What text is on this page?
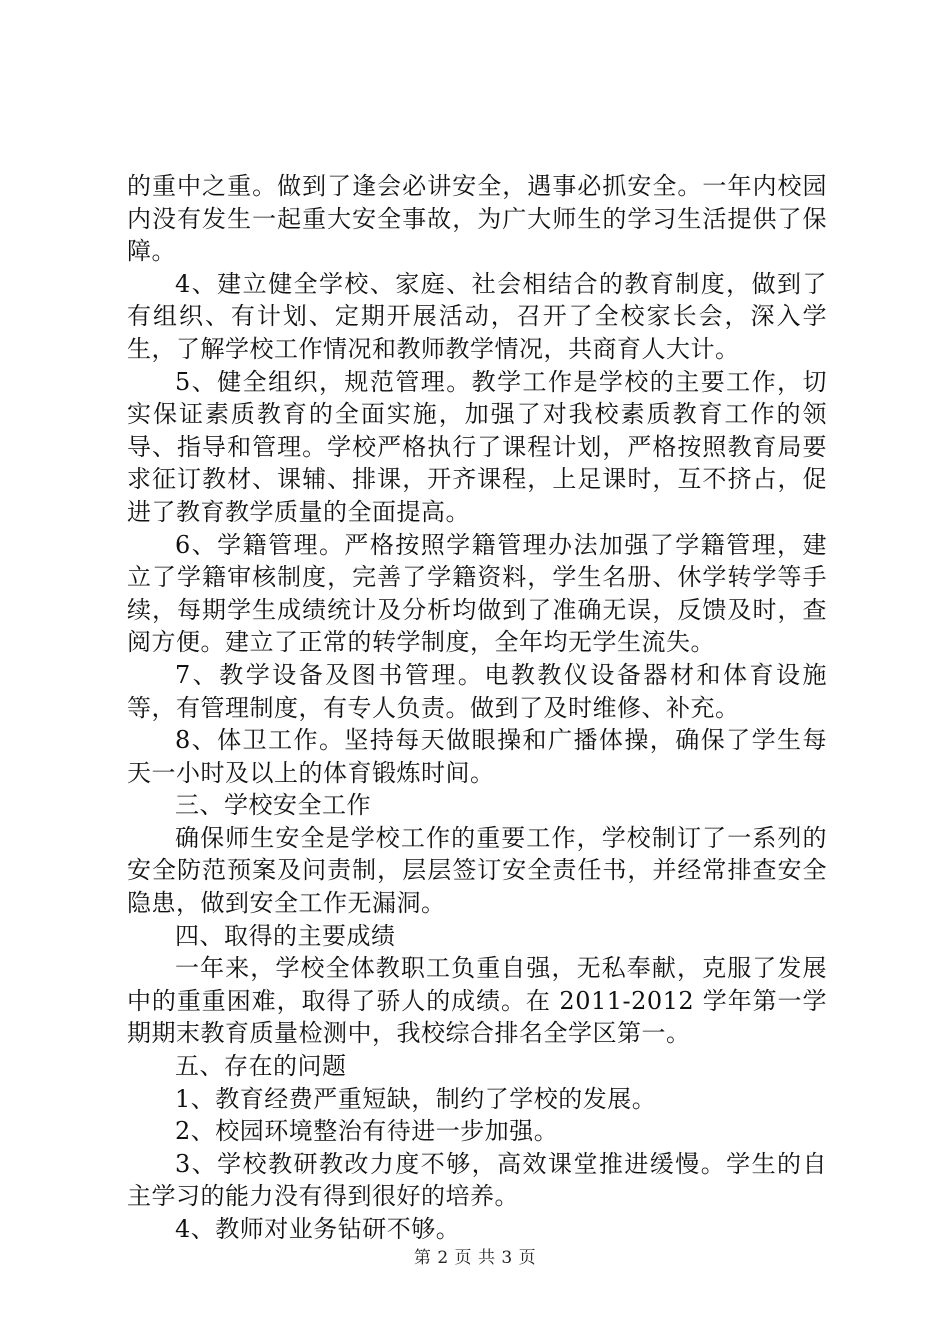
的重中之重。做到了逢会必讲安全，遇事必抓安全。一年内校园内没有发生一起重大安全事故，为广大师生的学习生活提供了保障。

4、建立健全学校、家庭、社会相结合的教育制度，做到了有组织、有计划、定期开展活动，召开了全校家长会，深入学生，了解学校工作情况和教师教学情况，共商育人大计。

5、健全组织，规范管理。教学工作是学校的主要工作，切实保证素质教育的全面实施，加强了对我校素质教育工作的领导、指导和管理。学校严格执行了课程计划，严格按照教育局要求征订教材、课辅、排课，开齐课程，上足课时，互不挤占，促进了教育教学质量的全面提高。

6、学籍管理。严格按照学籍管理办法加强了学籍管理，建立了学籍审核制度，完善了学籍资料，学生名册、休学转学等手续，每期学生成绩统计及分析均做到了准确无误，反馈及时，查阅方便。建立了正常的转学制度，全年均无学生流失。

7、教学设备及图书管理。电教教仪设备器材和体育设施等，有管理制度，有专人负责。做到了及时维修、补充。

8、体卫工作。坚持每天做眼操和广播体操，确保了学生每天一小时及以上的体育锻炼时间。

三、学校安全工作

确保师生安全是学校工作的重要工作，学校制订了一系列的安全防范预案及问责制，层层签订安全责任书，并经常排查安全隐患，做到安全工作无漏洞。

四、取得的主要成绩

一年来，学校全体教职工负重自强，无私奉献，克服了发展中的重重困难，取得了骄人的成绩。在 2011-2012 学年第一学期期末教育质量检测中，我校综合排名全学区第一。

五、存在的问题

1、教育经费严重短缺，制约了学校的发展。

2、校园环境整治有待进一步加强。

3、学校教研教改力度不够，高效课堂推进缓慢。学生的自主学习的能力没有得到很好的培养。

4、教师对业务钻研不够。

第 2 页 共 3 页
